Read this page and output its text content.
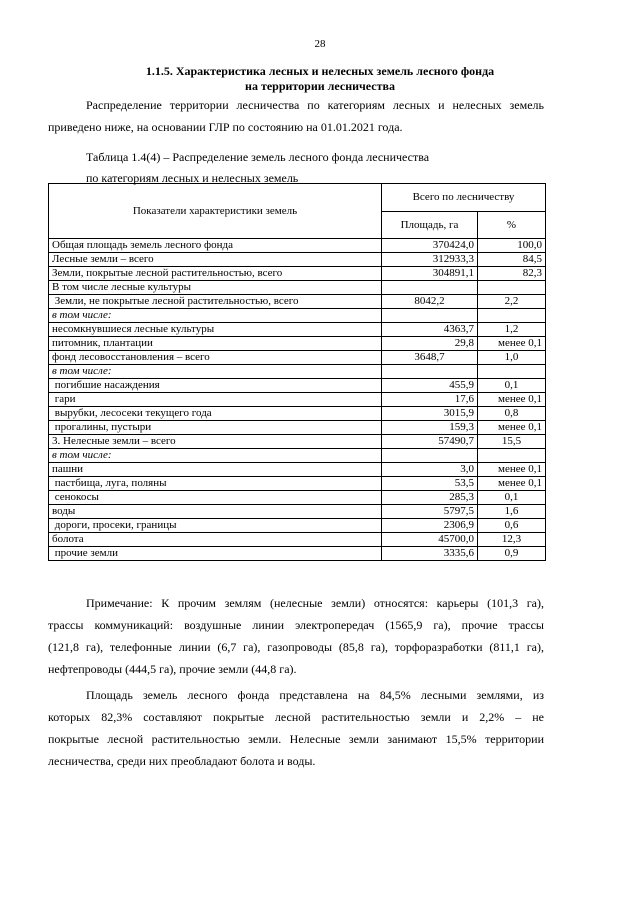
28
1.1.5. Характеристика лесных и нелесных земель лесного фонда
на территории лесничества
Распределение территории лесничества по категориям лесных и нелесных земель
приведено ниже, на основании ГЛР по состоянию на 01.01.2021 года.
Таблица 1.4(4) – Распределение земель лесного фонда лесничества
по категориям лесных и нелесных земель
Показатели характеристики земель	Всего по лесничеству	
	Площадь, га	%
Общая площадь земель лесного фонда	370424,0	100,0
Лесные земли – всего	312933,3	84,5
Земли, покрытые лесной растительностью, всего	304891,1	82,3
В том числе лесные культуры		
Земли, не покрытые лесной растительностью, всего	8042,2	2,2
в том числе:		
несомкнувшиеся лесные культуры	4363,7	1,2
питомник, плантации	29,8	менее 0,1
фонд лесовосстановления – всего	3648,7	1,0
в том числе:		
погибшие насаждения	455,9	0,1
гари	17,6	менее 0,1
вырубки, лесосеки текущего года	3015,9	0,8
прогалины, пустыри	159,3	менее 0,1
3. Нелесные земли – всего	57490,7	15,5
в том числе:		
пашни	3,0	менее 0,1
пастбища, луга, поляны	53,5	менее 0,1
сенокосы	285,3	0,1
воды	5797,5	1,6
дороги, просеки, границы	2306,9	0,6
болота	45700,0	12,3
прочие земли	3335,6	0,9
Примечание: К прочим землям (нелесные земли) относятся: карьеры (101,3 га),
трассы коммуникаций: воздушные линии электропередач (1565,9 га), прочие трассы
(121,8 га), телефонные линии (6,7 га), газопроводы (85,8 га), торфоразработки (811,1 га),
нефтепроводы (444,5 га), прочие земли (44,8 га).
Площадь земель лесного фонда представлена на 84,5% лесными землями, из
которых 82,3% составляют покрытые лесной растительностью земли и 2,2% – не
покрытые лесной растительностью земли. Нелесные земли занимают 15,5% территории
лесничества, среди них преобладают болота и воды.
